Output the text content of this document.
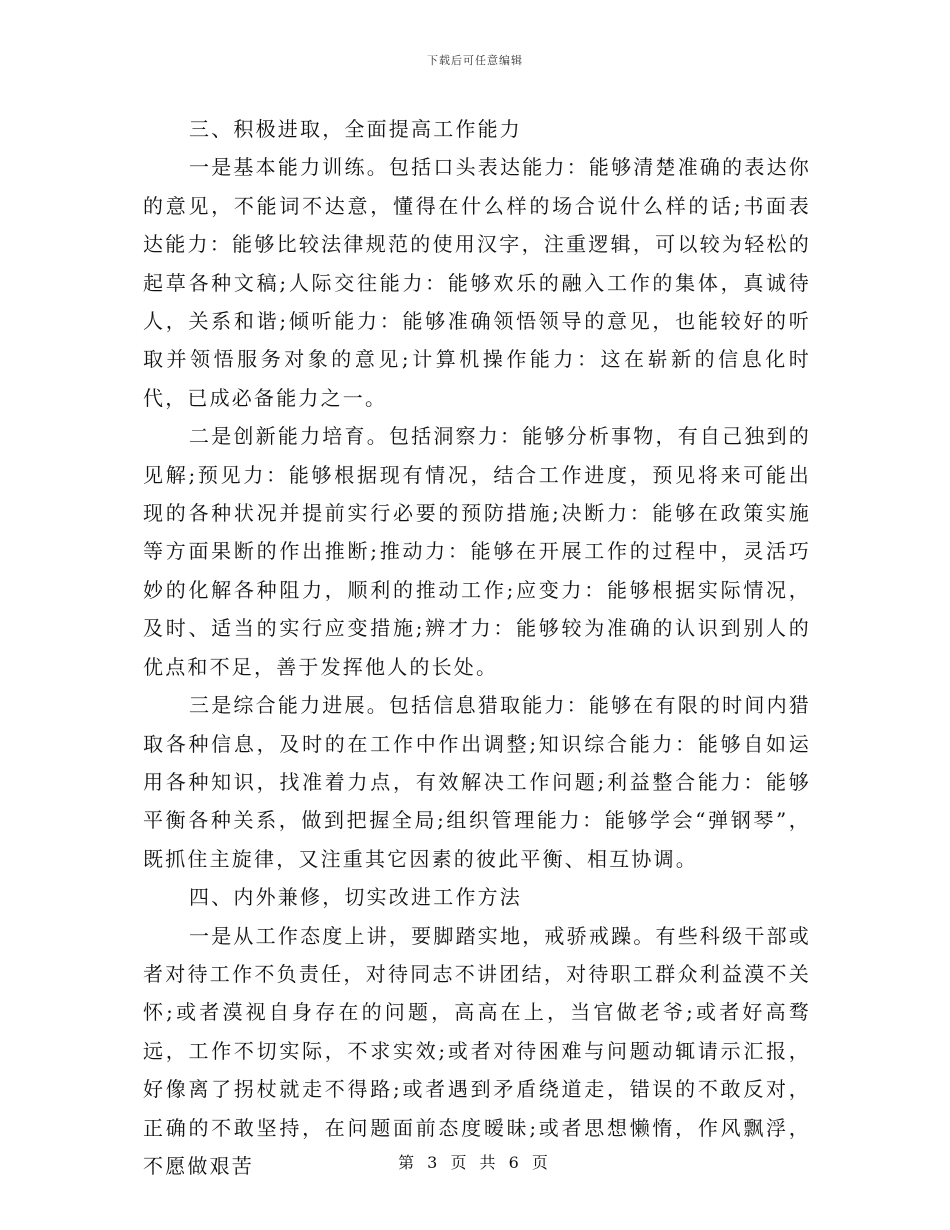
下载后可任意编辑

三、积极进取，全面提高工作能力

一是基本能力训练。包括口头表达能力：能够清楚准确的表达你的意见，不能词不达意，懂得在什么样的场合说什么样的话;书面表达能力：能够比较法律规范的使用汉字，注重逻辑，可以较为轻松的起草各种文稿;人际交往能力：能够欢乐的融入工作的集体，真诚待人，关系和谐;倾听能力：能够准确领悟领导的意见，也能较好的听取并领悟服务对象的意见;计算机操作能力：这在崭新的信息化时代，已成必备能力之一。

二是创新能力培育。包括洞察力：能够分析事物，有自己独到的见解;预见力：能够根据现有情况，结合工作进度，预见将来可能出现的各种状况并提前实行必要的预防措施;决断力：能够在政策实施等方面果断的作出推断;推动力：能够在开展工作的过程中，灵活巧妙的化解各种阻力，顺利的推动工作;应变力：能够根据实际情况，及时、适当的实行应变措施;辨才力：能够较为准确的认识到别人的优点和不足，善于发挥他人的长处。

三是综合能力进展。包括信息猎取能力：能够在有限的时间内猎取各种信息，及时的在工作中作出调整;知识综合能力：能够自如运用各种知识，找准着力点，有效解决工作问题;利益整合能力：能够平衡各种关系，做到把握全局;组织管理能力：能够学会“弹钢琴”，既抓住主旋律，又注重其它因素的彼此平衡、相互协调。

四、内外兼修，切实改进工作方法

一是从工作态度上讲，要脚踏实地，戒骄戒躁。有些科级干部或者对待工作不负责任，对待同志不讲团结，对待职工群众利益漠不关怀;或者漠视自身存在的问题，高高在上，当官做老爷;或者好高骛远，工作不切实际，不求实效;或者对待困难与问题动辄请示汇报，好像离了拐杖就走不得路;或者遇到矛盾绕道走，错误的不敢反对，正确的不敢坚持，在问题面前态度暧昧;或者思想懒惰，作风飘浮，不愿做艰苦	第 3 页 共 6 页
